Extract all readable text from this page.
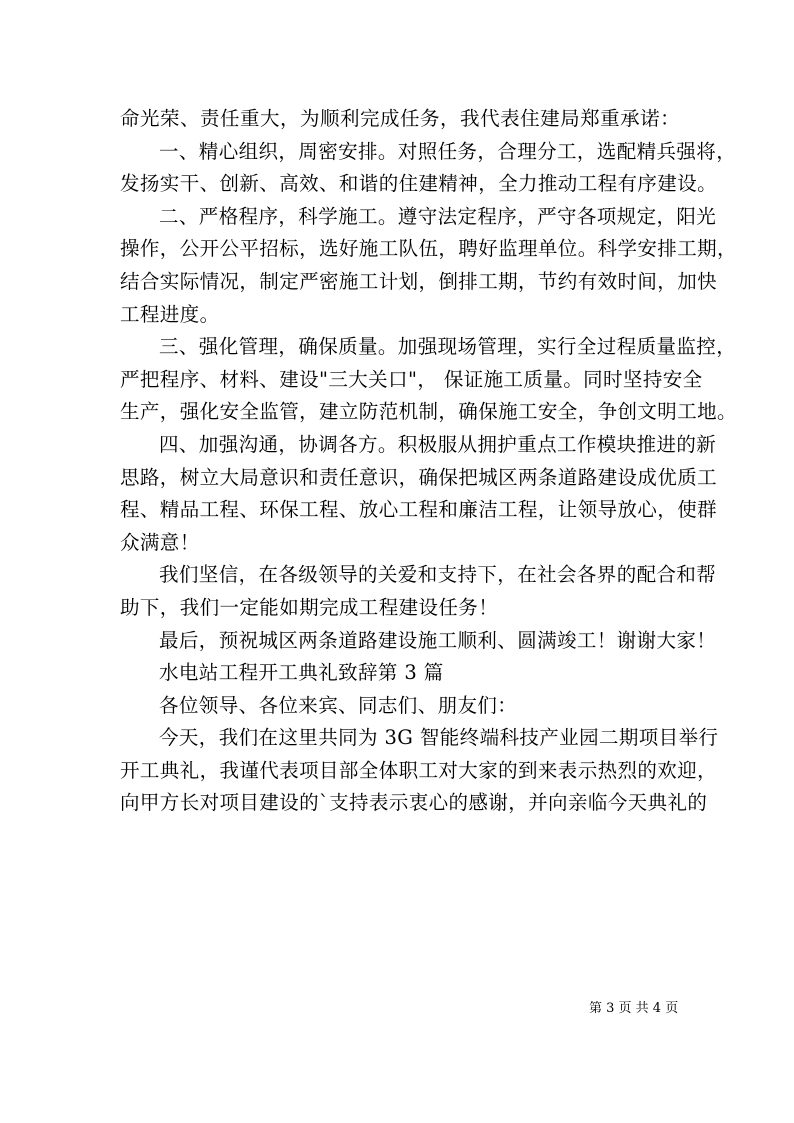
命光荣、责任重大，为顺利完成任务，我代表住建局郑重承诺：
一、精心组织，周密安排。对照任务，合理分工，选配精兵强将，
发扬实干、创新、高效、和谐的住建精神，全力推动工程有序建设。
二、严格程序，科学施工。遵守法定程序，严守各项规定，阳光
操作，公开公平招标，选好施工队伍，聘好监理单位。科学安排工期，
结合实际情况，制定严密施工计划，倒排工期，节约有效时间，加快
工程进度。
三、强化管理，确保质量。加强现场管理，实行全过程质量监控，
严把程序、材料、建设"三大关口"， 保证施工质量。同时坚持安全
生产，强化安全监管，建立防范机制，确保施工安全，争创文明工地。
四、加强沟通，协调各方。积极服从拥护重点工作模块推进的新
思路，树立大局意识和责任意识，确保把城区两条道路建设成优质工
程、精品工程、环保工程、放心工程和廉洁工程，让领导放心，使群
众满意！
我们坚信，在各级领导的关爱和支持下，在社会各界的配合和帮
助下，我们一定能如期完成工程建设任务！
最后，预祝城区两条道路建设施工顺利、圆满竣工！谢谢大家！
水电站工程开工典礼致辞第 3 篇
各位领导、各位来宾、同志们、朋友们：
今天，我们在这里共同为 3G 智能终端科技产业园二期项目举行
开工典礼，我谨代表项目部全体职工对大家的到来表示热烈的欢迎，
向甲方长对项目建设的`支持表示衷心的感谢，并向亲临今天典礼的
第 3 页 共 4 页
